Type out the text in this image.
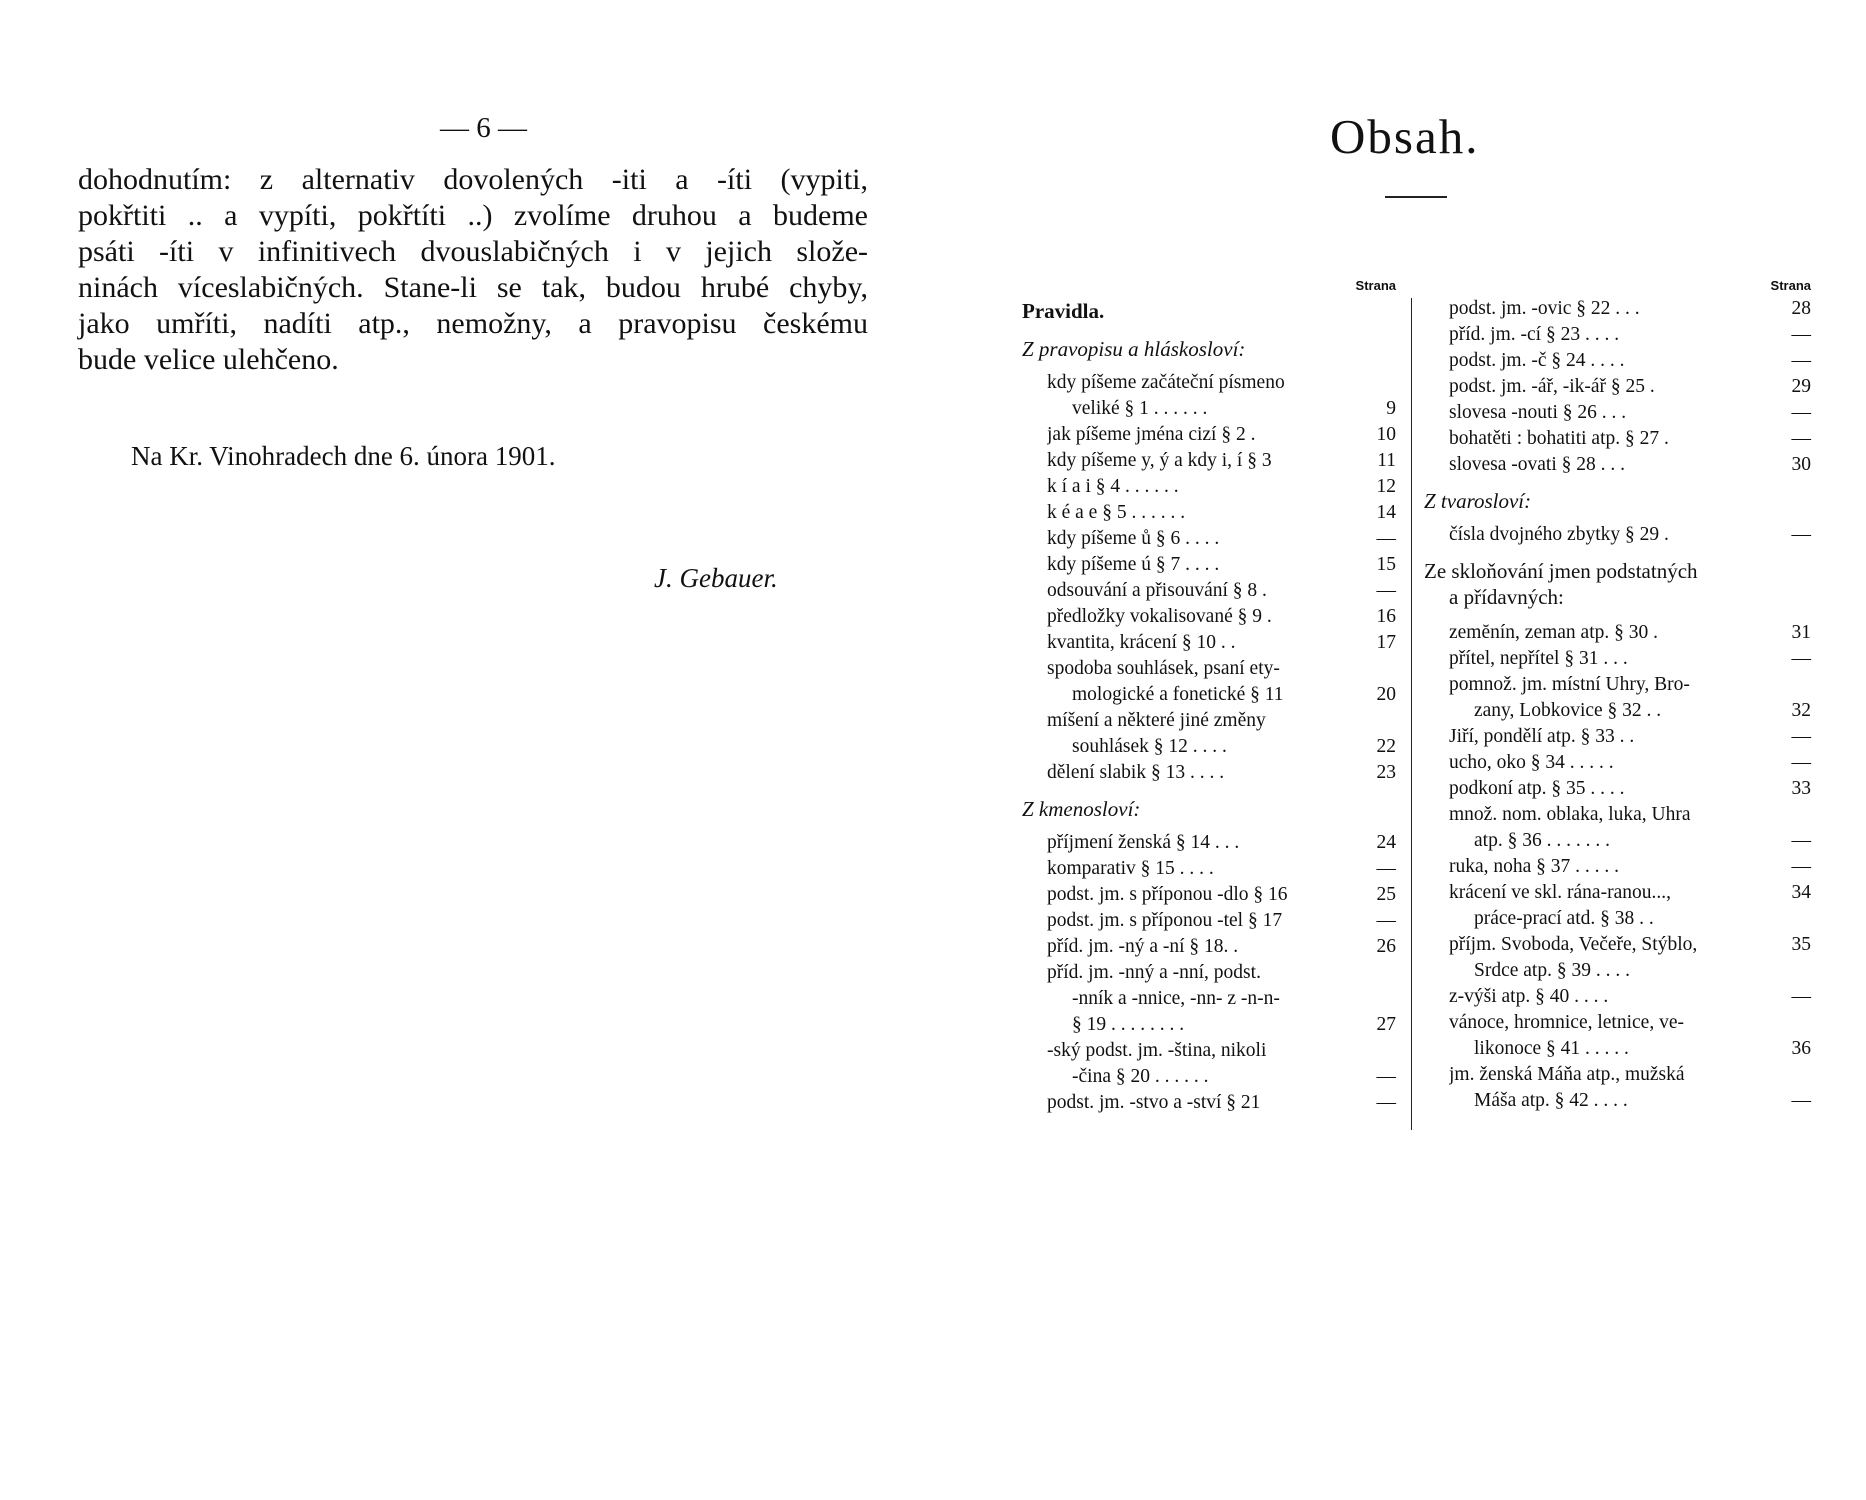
— 6 —
dohodnutím: z alternativ dovolených -iti a -íti (vypiti,
pokřtiti .. a vypíti, pokřtíti ..) zvolíme druhou a budeme
psáti -íti v infinitivech dvouslabičných i v jejich slože-
ninách víceslabičných. Stane-li se tak, budou hrubé chyby,
jako umříti, nadíti atp., nemožny, a pravopisu českému
bude velice ulehčeno.
Na Kr. Vinohradech dne 6. února 1901.
J. Gebauer.
Obsah.
Strana
Pravidla.
Z pravopisu a hláskosloví:
kdy píšeme začáteční písmeno
veliké § 1 . . . . . .	9
jak píšeme jména cizí § 2 .	10
kdy píšeme y, ý a kdy i, í § 3	11
k í a i § 4 . . . . . .	12
k é a e § 5 . . . . . .	14
kdy píšeme ů § 6 . . . .	—
kdy píšeme ú § 7 . . . .	15
odsouvání a přisouvání § 8 .	—
předložky vokalisované § 9 .	16
kvantita, krácení § 10 . .	17
spodoba souhlásek, psaní ety-
mologické a fonetické § 11	20
míšení a některé jiné změny
souhlásek § 12 . . . .	22
dělení slabik § 13 . . . .	23
Z kmenosloví:
příjmení ženská § 14 . . .	24
komparativ § 15 . . . .	—
podst. jm. s příponou -dlo § 16	25
podst. jm. s příponou -tel § 17	—
příd. jm. -ný a -ní § 18. .	26
příd. jm. -nný a -nní, podst.
-nník a -nnice, -nn- z -n-n-
§ 19 . . . . . . . .	27
-ský podst. jm. -ština, nikoli
-čina § 20 . . . . . .	—
podst. jm. -stvo a -ství § 21	—
Strana
podst. jm. -ovic § 22 . . .	28
příd. jm. -cí § 23 . . . .	—
podst. jm. -č § 24 . . . .	—
podst. jm. -ář, -ik-ář § 25 .	29
slovesa -nouti § 26 . . .	—
bohatěti : bohatiti atp. § 27 .	—
slovesa -ovati § 28 . . .	30
Z tvarosloví:
čísla dvojného zbytky § 29 .	—
Ze skloňování jmen podstatných
a přídavných:
zemĕnín, zeman atp. § 30 .	31
přítel, nepřítel § 31 . . .	—
pomnož. jm. místní Uhry, Bro-
zany, Lobkovice § 32 . .	32
Jiří, pondělí atp. § 33 . .	—
ucho, oko § 34 . . . . .	—
podkoní atp. § 35 . . . .	33
množ. nom. oblaka, luka, Uhra
atp. § 36 . . . . . . .	—
ruka, noha § 37 . . . . .	—
krácení ve skl. rána-ranou...,	34
práce-prací atd. § 38 . .
příjm. Svoboda, Večeře, Stýblo,	35
Srdce atp. § 39 . . . .
z-výši atp. § 40 . . . .	—
vánoce, hromnice, letnice, ve-
likonoce § 41 . . . . .	36
jm. ženská Máňa atp., mužská
Máša atp. § 42 . . . .	—
